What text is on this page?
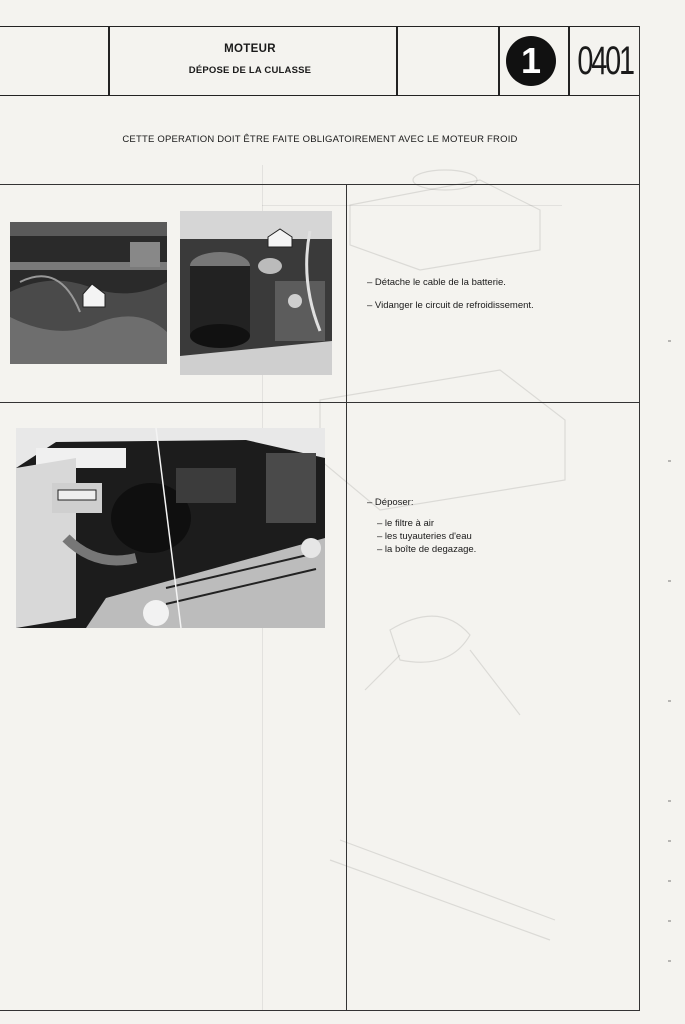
MOTEUR
DÉPOSE DE LA CULASSE	1 0401
CETTE OPERATION DOIT ÊTRE FAITE OBLIGATOIREMENT AVEC LE MOTEUR FROID
– Détache le cable de la batterie.
– Vidanger le circuit de refroidissement.
– Déposer:
– le filtre à air
– les tuyauteries d'eau
– la boîte de degazage.
